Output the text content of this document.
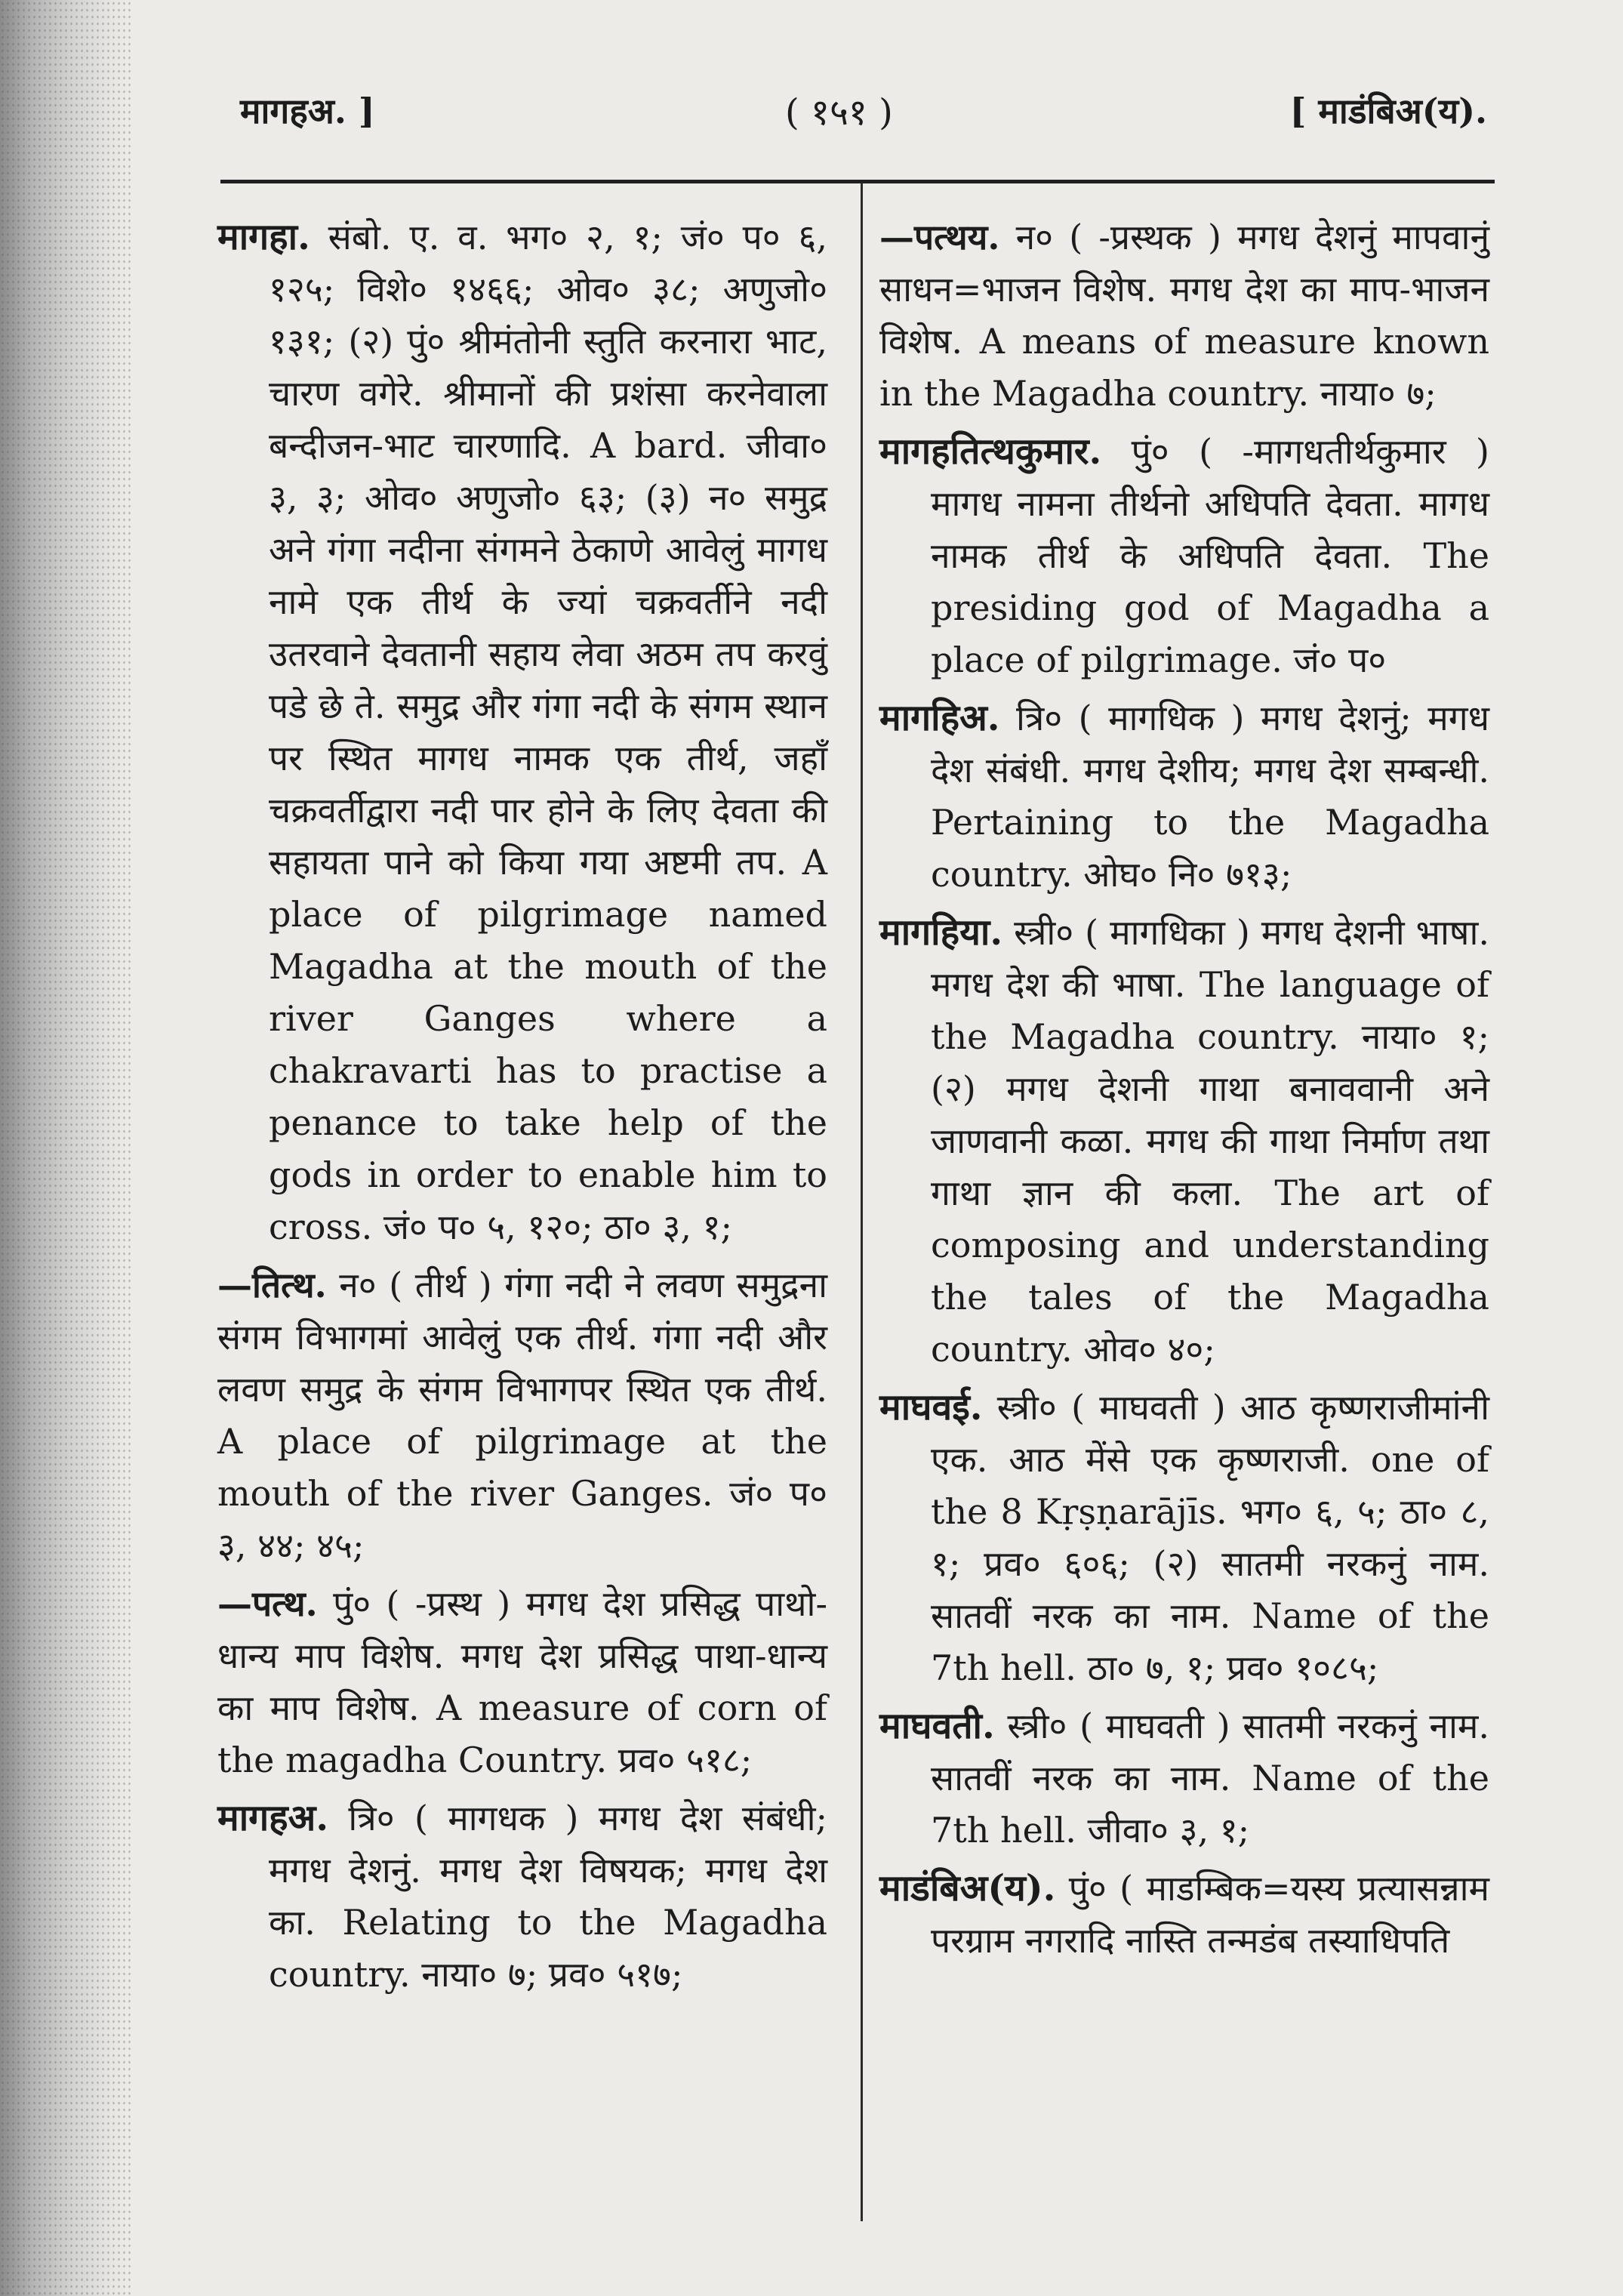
मागहअ. ]	( १५१ )	[ माडंबिअ(य).

मागहा. संबो. ए. व. भग० २, १; जं० प० ६, १२५; विशे० १४६६; ओव० ३८; अणुजो० १३१; (२) पुं० श्रीमंतोनी स्तुति करनारा भाट, चारण वगेरे. श्रीमानों की प्रशंसा करनेवाला बन्दीजन-भाट चारणादि. A bard. जीवा० ३, ३; ओव० अणुजो० ६३; (३) न० समुद्र अने गंगा नदीना संगमने ठेकाणे आवेलुं मागध नामे एक तीर्थ के ज्यां चक्रवर्तीने नदी उतरवाने देवतानी सहाय लेवा अठम तप करवुं पडे छे ते. समुद्र और गंगा नदी के संगम स्थान पर स्थित मागध नामक एक तीर्थ, जहाँ चक्रवर्तीद्वारा नदी पार होने के लिए देवता की सहायता पाने को किया गया अष्टमी तप. A place of pilgrimage named Magadha at the mouth of the river Ganges where a chakravarti has to practise a penance to take help of the gods in order to enable him to cross. जं० प० ५, १२०; ठा० ३, १;

—तित्थ. न० ( तीर्थ ) गंगा नदी ने लवण समुद्रना संगम विभागमां आवेलुं एक तीर्थ. गंगा नदी और लवण समुद्र के संगम विभागपर स्थित एक तीर्थ. A place of pilgrimage at the mouth of the river Ganges. जं० प० ३, ४४; ४५;

—पत्थ. पुं० ( -प्रस्थ ) मगध देश प्रसिद्ध पाथो-धान्य माप विशेष. मगध देश प्रसिद्ध पाथा-धान्य का माप विशेष. A measure of corn of the magadha Country. प्रव० ५१८;

मागहअ. त्रि० ( मागधक ) मगध देश संबंधी; मगध देशनुं. मगध देश विषयक; मगध देश का. Relating to the Magadha country. नाया० ७; प्रव० ५१७;

—पत्थय. न० ( -प्रस्थक ) मगध देशनुं मापवानुं साधन=भाजन विशेष. मगध देश का माप-भाजन विशेष. A means of measure known in the Magadha country. नाया० ७;

मागहतित्थकुमार. पुं० ( -मागधतीर्थकुमार ) मागध नामना तीर्थनो अधिपति देवता. मागध नामक तीर्थ के अधिपति देवता. The presiding god of Magadha a place of pilgrimage. जं० प०

मागहिअ. त्रि० ( मागधिक ) मगध देशनुं; मगध देश संबंधी. मगध देशीय; मगध देश सम्बन्धी. Pertaining to the Magadha country. ओघ० नि० ७१३;

मागहिया. स्त्री० ( मागधिका ) मगध देशनी भाषा. मगध देश की भाषा. The language of the Magadha country. नाया० १; (२) मगध देशनी गाथा बनाववानी अने जाणवानी कळा. मगध की गाथा निर्माण तथा गाथा ज्ञान की कला. The art of composing and understanding the tales of the Magadha country. ओव० ४०;

माघवई. स्त्री० ( माघवती ) आठ कृष्णराजीमांनी एक. आठ मेंसे एक कृष्णराजी. one of the 8 Kṛṣṇarājīs. भग० ६, ५; ठा० ८, १; प्रव० ६०६; (२) सातमी नरकनुं नाम. सातवीं नरक का नाम. Name of the 7th hell. ठा० ७, १; प्रव० १०८५;

माघवती. स्त्री० ( माघवती ) सातमी नरकनुं नाम. सातवीं नरक का नाम. Name of the 7th hell. जीवा० ३, १;

माडंबिअ(य). पुं० ( माडम्बिक=यस्य प्रत्यासन्नाम परग्राम नगरादि नास्ति तन्मडंब तस्याधिपति
